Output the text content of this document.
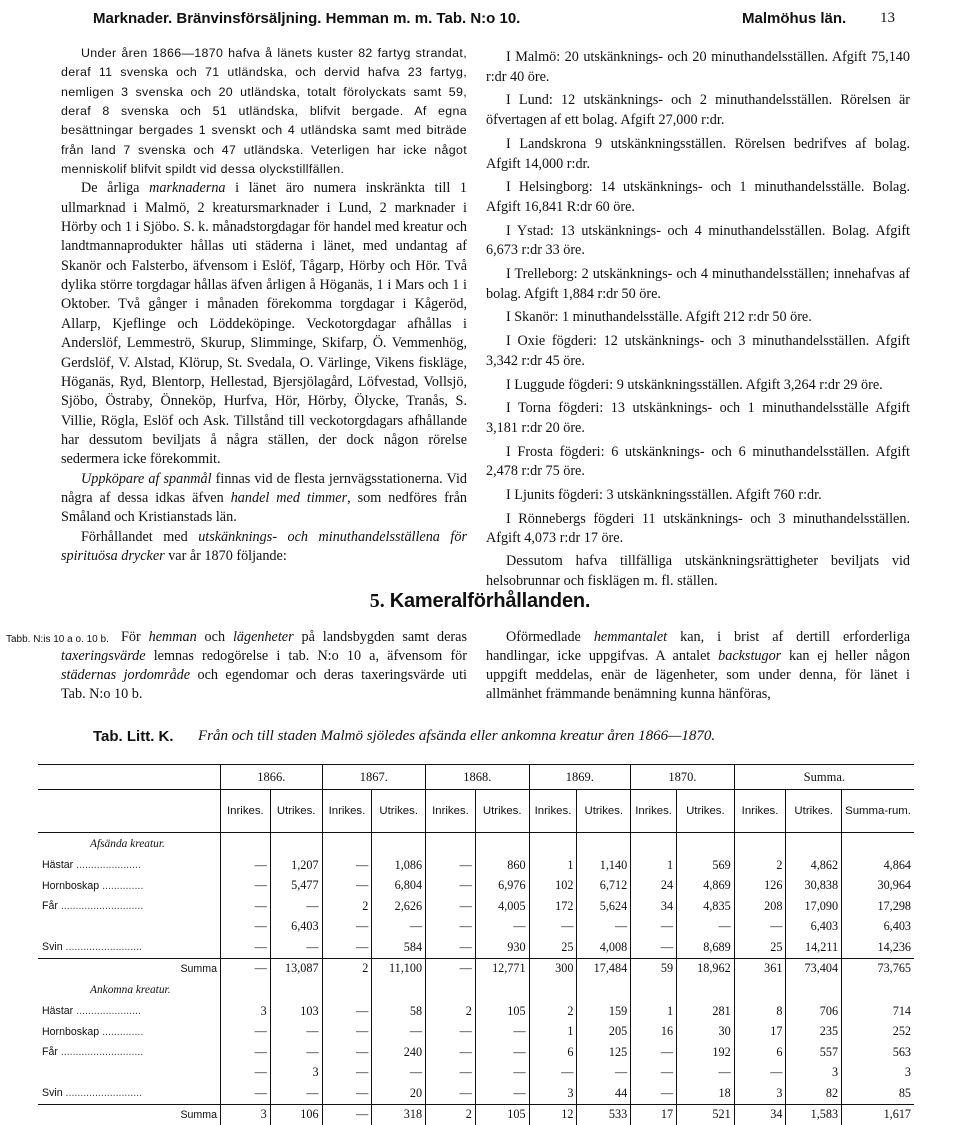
Marknader. Bränvinsförsäljning. Hemman m. m. Tab. N:o 10.	Malmöhus län. 13

Under åren 1866—1870 hafva å länets kuster 82 fartyg strandat, deraf 11 svenska och 71 utländska, och dervid hafva 23 fartyg, nemligen 3 svenska och 20 utländska, totalt förolyckats samt 59, deraf 8 svenska och 51 utländska, blifvit bergade. Af egna besättningar bergades 1 svenskt och 4 utländska samt med biträde från land 7 svenska och 47 utländska. Veterligen har icke något menniskolif blifvit spildt vid dessa olyckstillfällen.

De årliga marknaderna i länet äro numera inskränkta till 1 ullmarknad i Malmö, 2 kreatursmarknader i Lund, 2 marknader i Hörby och 1 i Sjöbo. S. k. månadstorgdagar för handel med kreatur och landtmannaprodukter hållas uti städerna i länet, med undantag af Skanör och Falsterbo, äfvensom i Eslöf, Tågarp, Hörby och Hör. Två dylika större torgdagar hållas äfven årligen å Höganäs, 1 i Mars och 1 i Oktober. Två gånger i månaden förekomma torgdagar i Kågeröd, Allarp, Kjeflinge och Löddeköpinge. Veckotorgdagar afhållas i Anderslöf, Lemmeströ, Skurup, Slimminge, Skifarp, Ö. Vemmenhög, Gerdslöf, V. Alstad, Klörup, St. Svedala, O. Värlinge, Vikens fiskläge, Höganäs, Ryd, Blentorp, Hellestad, Bjersjölagård, Löfvestad, Vollsjö, Sjöbo, Östraby, Önneköp, Hurfva, Hör, Hörby, Ölycke, Tranås, S. Villie, Rögla, Eslöf och Ask. Tillstånd till veckotorgdagars afhållande har dessutom beviljats å några ställen, der dock någon rörelse sedermera icke förekommit.

Uppköpare af spanmål finnas vid de flesta jernvägsstationerna. Vid några af dessa idkas äfven handel med timmer, som nedföres från Småland och Kristianstads län.

Förhållandet med utskänknings- och minuthandelsställena för spirituösa drycker var år 1870 följande:

I Malmö: 20 utskänknings- och 20 minuthandelsställen. Afgift 75,140 r:dr 40 öre.

I Lund: 12 utskänknings- och 2 minuthandelsställen. Rörelsen är öfvertagen af ett bolag. Afgift 27,000 r:dr.

I Landskrona 9 utskänkningsställen. Rörelsen bedrifves af bolag. Afgift 14,000 r:dr.

I Helsingborg: 14 utskänknings- och 1 minuthandelsställe. Bolag. Afgift 16,841 R:dr 60 öre.

I Ystad: 13 utskänknings- och 4 minuthandelsställen. Bolag. Afgift 6,673 r:dr 33 öre.

I Trelleborg: 2 utskänknings- och 4 minuthandelsställen; innehafvas af bolag. Afgift 1,884 r:dr 50 öre.

I Skanör: 1 minuthandelsställe. Afgift 212 r:dr 50 öre.

I Oxie fögderi: 12 utskänknings- och 3 minuthandelsställen. Afgift 3,342 r:dr 45 öre.

I Luggude fögderi: 9 utskänkningsställen. Afgift 3,264 r:dr 29 öre.

I Torna fögderi: 13 utskänknings- och 1 minuthandelsställe Afgift 3,181 r:dr 20 öre.

I Frosta fögderi: 6 utskänknings- och 6 minuthandelsställen. Afgift 2,478 r:dr 75 öre.

I Ljunits fögderi: 3 utskänkningsställen. Afgift 760 r:dr.

I Rönnebergs fögderi 11 utskänknings- och 3 minuthandelsställen. Afgift 4,073 r:dr 17 öre.

Dessutom hafva tillfälliga utskänkningsrättigheter beviljats vid helsobrunnar och fisklägen m. fl. ställen.

5. Kameralförhållanden.
Tabb. N:is 10 a o. 10 b. För hemman och lägenheter på landsbygden samt deras taxeringsvärde lemnas redogörelse i tab. N:o 10 a, äfvensom för städernas jordområde och egendomar och deras taxeringsvärde uti Tab. N:o 10 b.

Oförmedlade hemmantalet kan, i brist af dertill erforderliga handlingar, icke uppgifvas. A antalet backstugor kan ej heller någon uppgift meddelas, enär de lägenheter, som under denna, för länet i allmänhet främmande benämning kunna hänföras,

Tab. Litt. K. Från och till staden Malmö sjöledes afsända eller ankomna kreatur åren 1866—1870.
	1866.		1867.		1868.		1869.		1870.		Summa.		
	Inrikes.	Utrikes.	Inrikes.	Utrikes.	Inrikes.	Utrikes.	Inrikes.	Utrikes.	Inrikes.	Utrikes.	Inrikes.	Utrikes.	Summa-rum.
Afsända kreatur.													
Hästar ......................	—	1,207	—	1,086	—	860	1	1,140	1	569	2	4,862	4,864
Hornboskap ..............	—	5,477	—	6,804	—	6,976	102	6,712	24	4,869	126	30,838	30,964
Får ............................	—	—	2	2,626	—	4,005	172	5,624	34	4,835	208	17,090	17,298
	—	6,403	—	—	—	—	—	—	—	—	—	6,403	6,403
Svin ..........................	—	—	—	584	—	930	25	4,008	—	8,689	25	14,211	14,236
Summa	—	13,087	2	11,100	—	12,771	300	17,484	59	18,962	361	73,404	73,765
Ankomna kreatur.													
Hästar ......................	3	103	—	58	2	105	2	159	1	281	8	706	714
Hornboskap ..............	—	—	—	—	—	—	1	205	16	30	17	235	252
Får ............................	—	—	—	240	—	—	6	125	—	192	6	557	563
	—	3	—	—	—	—	—	—	—	—	—	3	3
Svin ..........................	—	—	—	20	—	—	3	44	—	18	3	82	85
Summa	3	106	—	318	2	105	12	533	17	521	34	1,583	1,617
